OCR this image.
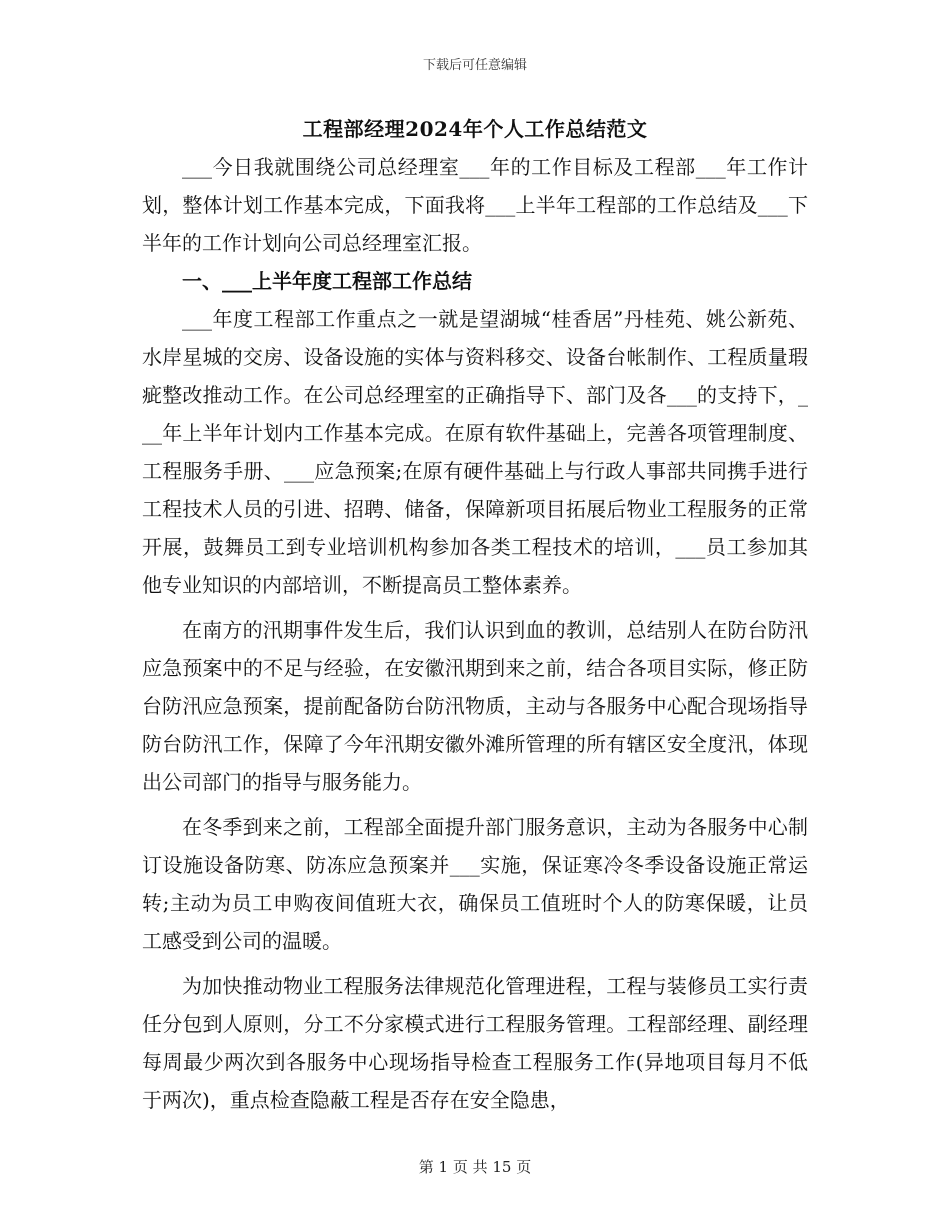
下载后可任意编辑
工程部经理2024年个人工作总结范文

___今日我就围绕公司总经理室___年的工作目标及工程部___年工作计划，整体计划工作基本完成，下面我将___上半年工程部的工作总结及___下半年的工作计划向公司总经理室汇报。

一、___上半年度工程部工作总结

___年度工程部工作重点之一就是望湖城“桂香居”丹桂苑、姚公新苑、水岸星城的交房、设备设施的实体与资料移交、设备台帐制作、工程质量瑕疵整改推动工作。在公司总经理室的正确指导下、部门及各___的支持下，___年上半年计划内工作基本完成。在原有软件基础上，完善各项管理制度、工程服务手册、___应急预案;在原有硬件基础上与行政人事部共同携手进行工程技术人员的引进、招聘、储备，保障新项目拓展后物业工程服务的正常开展，鼓舞员工到专业培训机构参加各类工程技术的培训，___员工参加其他专业知识的内部培训，不断提高员工整体素养。

在南方的汛期事件发生后，我们认识到血的教训，总结别人在防台防汛应急预案中的不足与经验，在安徽汛期到来之前，结合各项目实际，修正防台防汛应急预案，提前配备防台防汛物质，主动与各服务中心配合现场指导防台防汛工作，保障了今年汛期安徽外滩所管理的所有辖区安全度汛，体现出公司部门的指导与服务能力。

在冬季到来之前，工程部全面提升部门服务意识，主动为各服务中心制订设施设备防寒、防冻应急预案并___实施，保证寒冷冬季设备设施正常运转;主动为员工申购夜间值班大衣，确保员工值班时个人的防寒保暖，让员工感受到公司的温暖。

为加快推动物业工程服务法律规范化管理进程，工程与装修员工实行责任分包到人原则，分工不分家模式进行工程服务管理。工程部经理、副经理每周最少两次到各服务中心现场指导检查工程服务工作(异地项目每月不低于两次)，重点检查隐蔽工程是否存在安全隐患，

第 1 页 共 15 页
